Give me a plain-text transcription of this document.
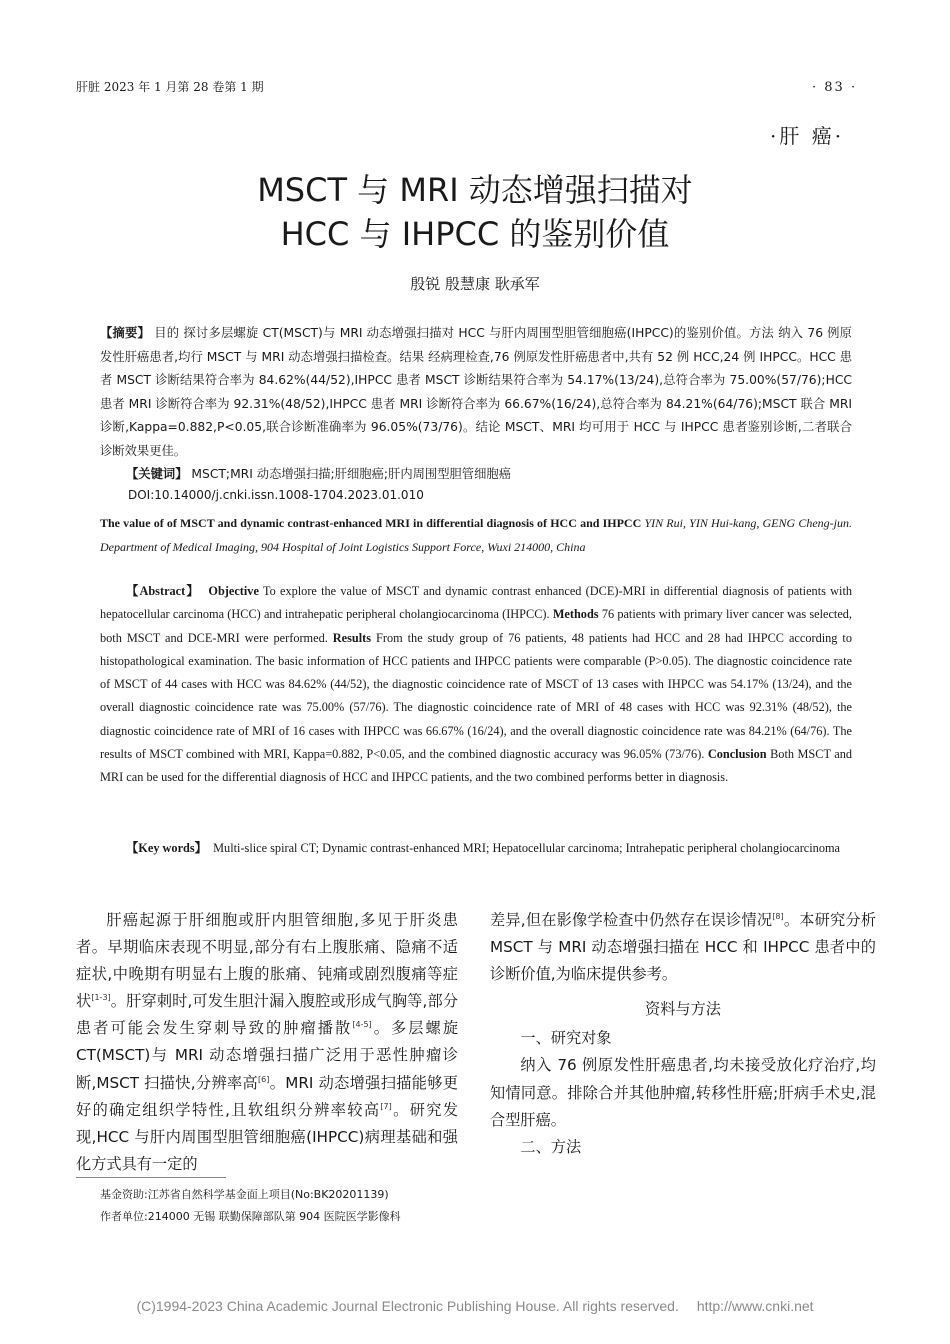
肝脏 2023 年 1 月第 28 卷第 1 期	· 83 ·
·肝 癌·
MSCT 与 MRI 动态增强扫描对
HCC 与 IHPCC 的鉴别价值
殷锐 殷慧康 耿承军
【摘要】 目的 探讨多层螺旋 CT(MSCT)与 MRI 动态增强扫描对 HCC 与肝内周围型胆管细胞癌(IHPCC)的鉴别价值。方法 纳入 76 例原发性肝癌患者,均行 MSCT 与 MRI 动态增强扫描检查。结果 经病理检查,76 例原发性肝癌患者中,共有 52 例 HCC,24 例 IHPCC。HCC 患者 MSCT 诊断结果符合率为 84.62%(44/52),IHPCC 患者 MSCT 诊断结果符合率为 54.17%(13/24),总符合率为 75.00%(57/76);HCC 患者 MRI 诊断符合率为 92.31%(48/52),IHPCC 患者 MRI 诊断符合率为 66.67%(16/24),总符合率为 84.21%(64/76);MSCT 联合 MRI 诊断,Kappa=0.882,P<0.05,联合诊断准确率为 96.05%(73/76)。结论 MSCT、MRI 均可用于 HCC 与 IHPCC 患者鉴别诊断,二者联合诊断效果更佳。
【关键词】 MSCT;MRI 动态增强扫描;肝细胞癌;肝内周围型胆管细胞癌
DOI:10.14000/j.cnki.issn.1008-1704.2023.01.010
The value of of MSCT and dynamic contrast-enhanced MRI in differential diagnosis of HCC and IHPCC YIN Rui, YIN Hui-kang, GENG Cheng-jun. Department of Medical Imaging, 904 Hospital of Joint Logistics Support Force, Wuxi 214000, China
【Abstract】 Objective To explore the value of MSCT and dynamic contrast enhanced (DCE)-MRI in differential diagnosis of patients with hepatocellular carcinoma (HCC) and intrahepatic peripheral cholangiocarcinoma (IHPCC). Methods 76 patients with primary liver cancer was selected, both MSCT and DCE-MRI were performed. Results From the study group of 76 patients, 48 patients had HCC and 28 had IHPCC according to histopathological examination. The basic information of HCC patients and IHPCC patients were comparable (P>0.05). The diagnostic coincidence rate of MSCT of 44 cases with HCC was 84.62% (44/52), the diagnostic coincidence rate of MSCT of 13 cases with IHPCC was 54.17% (13/24), and the overall diagnostic coincidence rate was 75.00% (57/76). The diagnostic coincidence rate of MRI of 48 cases with HCC was 92.31% (48/52), the diagnostic coincidence rate of MRI of 16 cases with IHPCC was 66.67% (16/24), and the overall diagnostic coincidence rate was 84.21% (64/76). The results of MSCT combined with MRI, Kappa=0.882, P<0.05, and the combined diagnostic accuracy was 96.05% (73/76). Conclusion Both MSCT and MRI can be used for the differential diagnosis of HCC and IHPCC patients, and the two combined performs better in diagnosis.
【Key words】 Multi-slice spiral CT; Dynamic contrast-enhanced MRI; Hepatocellular carcinoma; Intrahepatic peripheral cholangiocarcinoma

肝癌起源于肝细胞或肝内胆管细胞,多见于肝炎患者。早期临床表现不明显,部分有右上腹胀痛、隐痛不适症状,中晚期有明显右上腹的胀痛、钝痛或剧烈腹痛等症状[1-3]。肝穿刺时,可发生胆汁漏入腹腔或形成气胸等,部分患者可能会发生穿刺导致的肿瘤播散[4-5]。多层螺旋 CT(MSCT)与 MRI 动态增强扫描广泛用于恶性肿瘤诊断,MSCT 扫描快,分辨率高[6]。MRI 动态增强扫描能够更好的确定组织学特性,且软组织分辨率较高[7]。研究发现,HCC 与肝内周围型胆管细胞癌(IHPCC)病理基础和强化方式具有一定的

差异,但在影像学检查中仍然存在误诊情况[8]。本研究分析 MSCT 与 MRI 动态增强扫描在 HCC 和 IHPCC 患者中的诊断价值,为临床提供参考。

资料与方法

一、研究对象

纳入 76 例原发性肝癌患者,均未接受放化疗治疗,均知情同意。排除合并其他肿瘤,转移性肝癌;肝病手术史,混合型肝癌。

二、方法

基金资助:江苏省自然科学基金面上项目(No:BK20201139)
作者单位:214000 无锡 联勤保障部队第 904 医院医学影像科
(C)1994-2023 China Academic Journal Electronic Publishing House. All rights reserved. http://www.cnki.net
